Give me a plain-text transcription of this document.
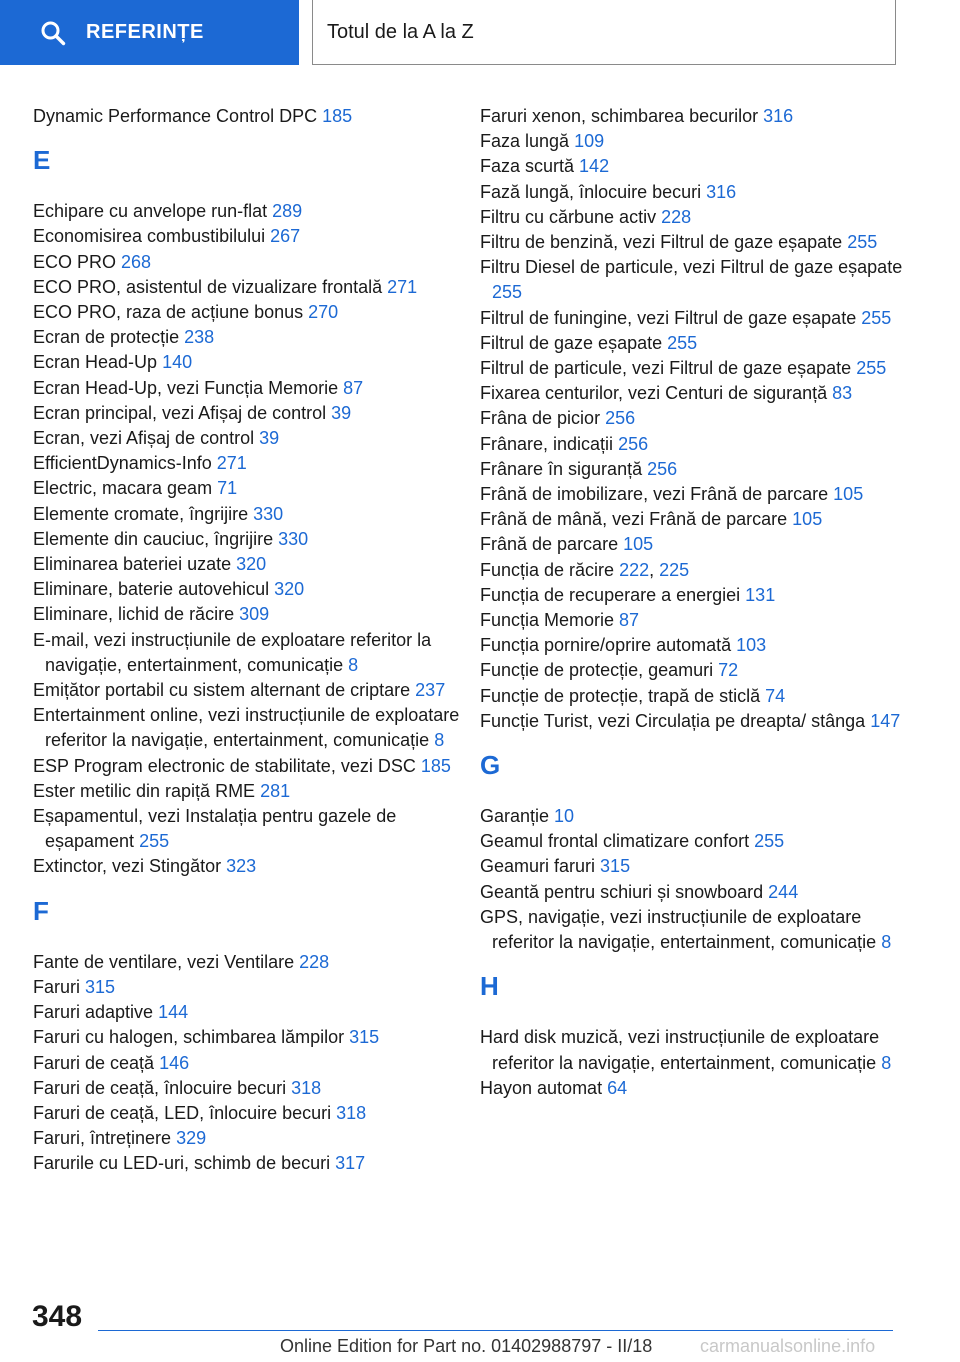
REFERINȚE	Totul de la A la Z
Dynamic Performance Control DPC 185
E
Echipare cu anvelope run-flat 289
Economisirea combustibilului 267
ECO PRO 268
ECO PRO, asistentul de vizualizare frontală 271
ECO PRO, raza de acțiune bonus 270
Ecran de protecție 238
Ecran Head-Up 140
Ecran Head-Up, vezi Funcția Memorie 87
Ecran principal, vezi Afișaj de control 39
Ecran, vezi Afișaj de control 39
EfficientDynamics-Info 271
Electric, macara geam 71
Elemente cromate, îngrijire 330
Elemente din cauciuc, îngrijire 330
Eliminarea bateriei uzate 320
Eliminare, baterie autovehicul 320
Eliminare, lichid de răcire 309
E-mail, vezi instrucțiunile de exploatare referitor la navigație, entertainment, comunicație 8
Emițător portabil cu sistem alternant de criptare 237
Entertainment online, vezi instrucțiunile de exploatare referitor la navigație, entertainment, comunicație 8
ESP Program electronic de stabilitate, vezi DSC 185
Ester metilic din rapiță RME 281
Eșapamentul, vezi Instalația pentru gazele de eșapament 255
Extinctor, vezi Stingător 323
F
Fante de ventilare, vezi Ventilare 228
Faruri 315
Faruri adaptive 144
Faruri cu halogen, schimbarea lămpilor 315
Faruri de ceață 146
Faruri de ceață, înlocuire becuri 318
Faruri de ceață, LED, înlocuire becuri 318
Faruri, întreținere 329
Farurile cu LED-uri, schimb de becuri 317
Faruri xenon, schimbarea becurilor 316
Faza lungă 109
Faza scurtă 142
Fază lungă, înlocuire becuri 316
Filtru cu cărbune activ 228
Filtru de benzină, vezi Filtrul de gaze eșapate 255
Filtru Diesel de particule, vezi Filtrul de gaze eșapate 255
Filtrul de funingine, vezi Filtrul de gaze eșapate 255
Filtrul de gaze eșapate 255
Filtrul de particule, vezi Filtrul de gaze eșapate 255
Fixarea centurilor, vezi Centuri de siguranță 83
Frâna de picior 256
Frânare, indicații 256
Frânare în siguranță 256
Frână de imobilizare, vezi Frână de parcare 105
Frână de mână, vezi Frână de parcare 105
Frână de parcare 105
Funcția de răcire 222, 225
Funcția de recuperare a energiei 131
Funcția Memorie 87
Funcția pornire/oprire automată 103
Funcție de protecție, geamuri 72
Funcție de protecție, trapă de sticlă 74
Funcție Turist, vezi Circulația pe dreapta/ stânga 147
G
Garanție 10
Geamul frontal climatizare confort 255
Geamuri faruri 315
Geantă pentru schiuri și snowboard 244
GPS, navigație, vezi instrucțiunile de exploatare referitor la navigație, entertainment, comunicație 8
H
Hard disk muzică, vezi instrucțiunile de exploatare referitor la navigație, entertainment, comunicație 8
Hayon automat 64
348
Online Edition for Part no. 01402988797 - II/18	carmanualsonline.info
